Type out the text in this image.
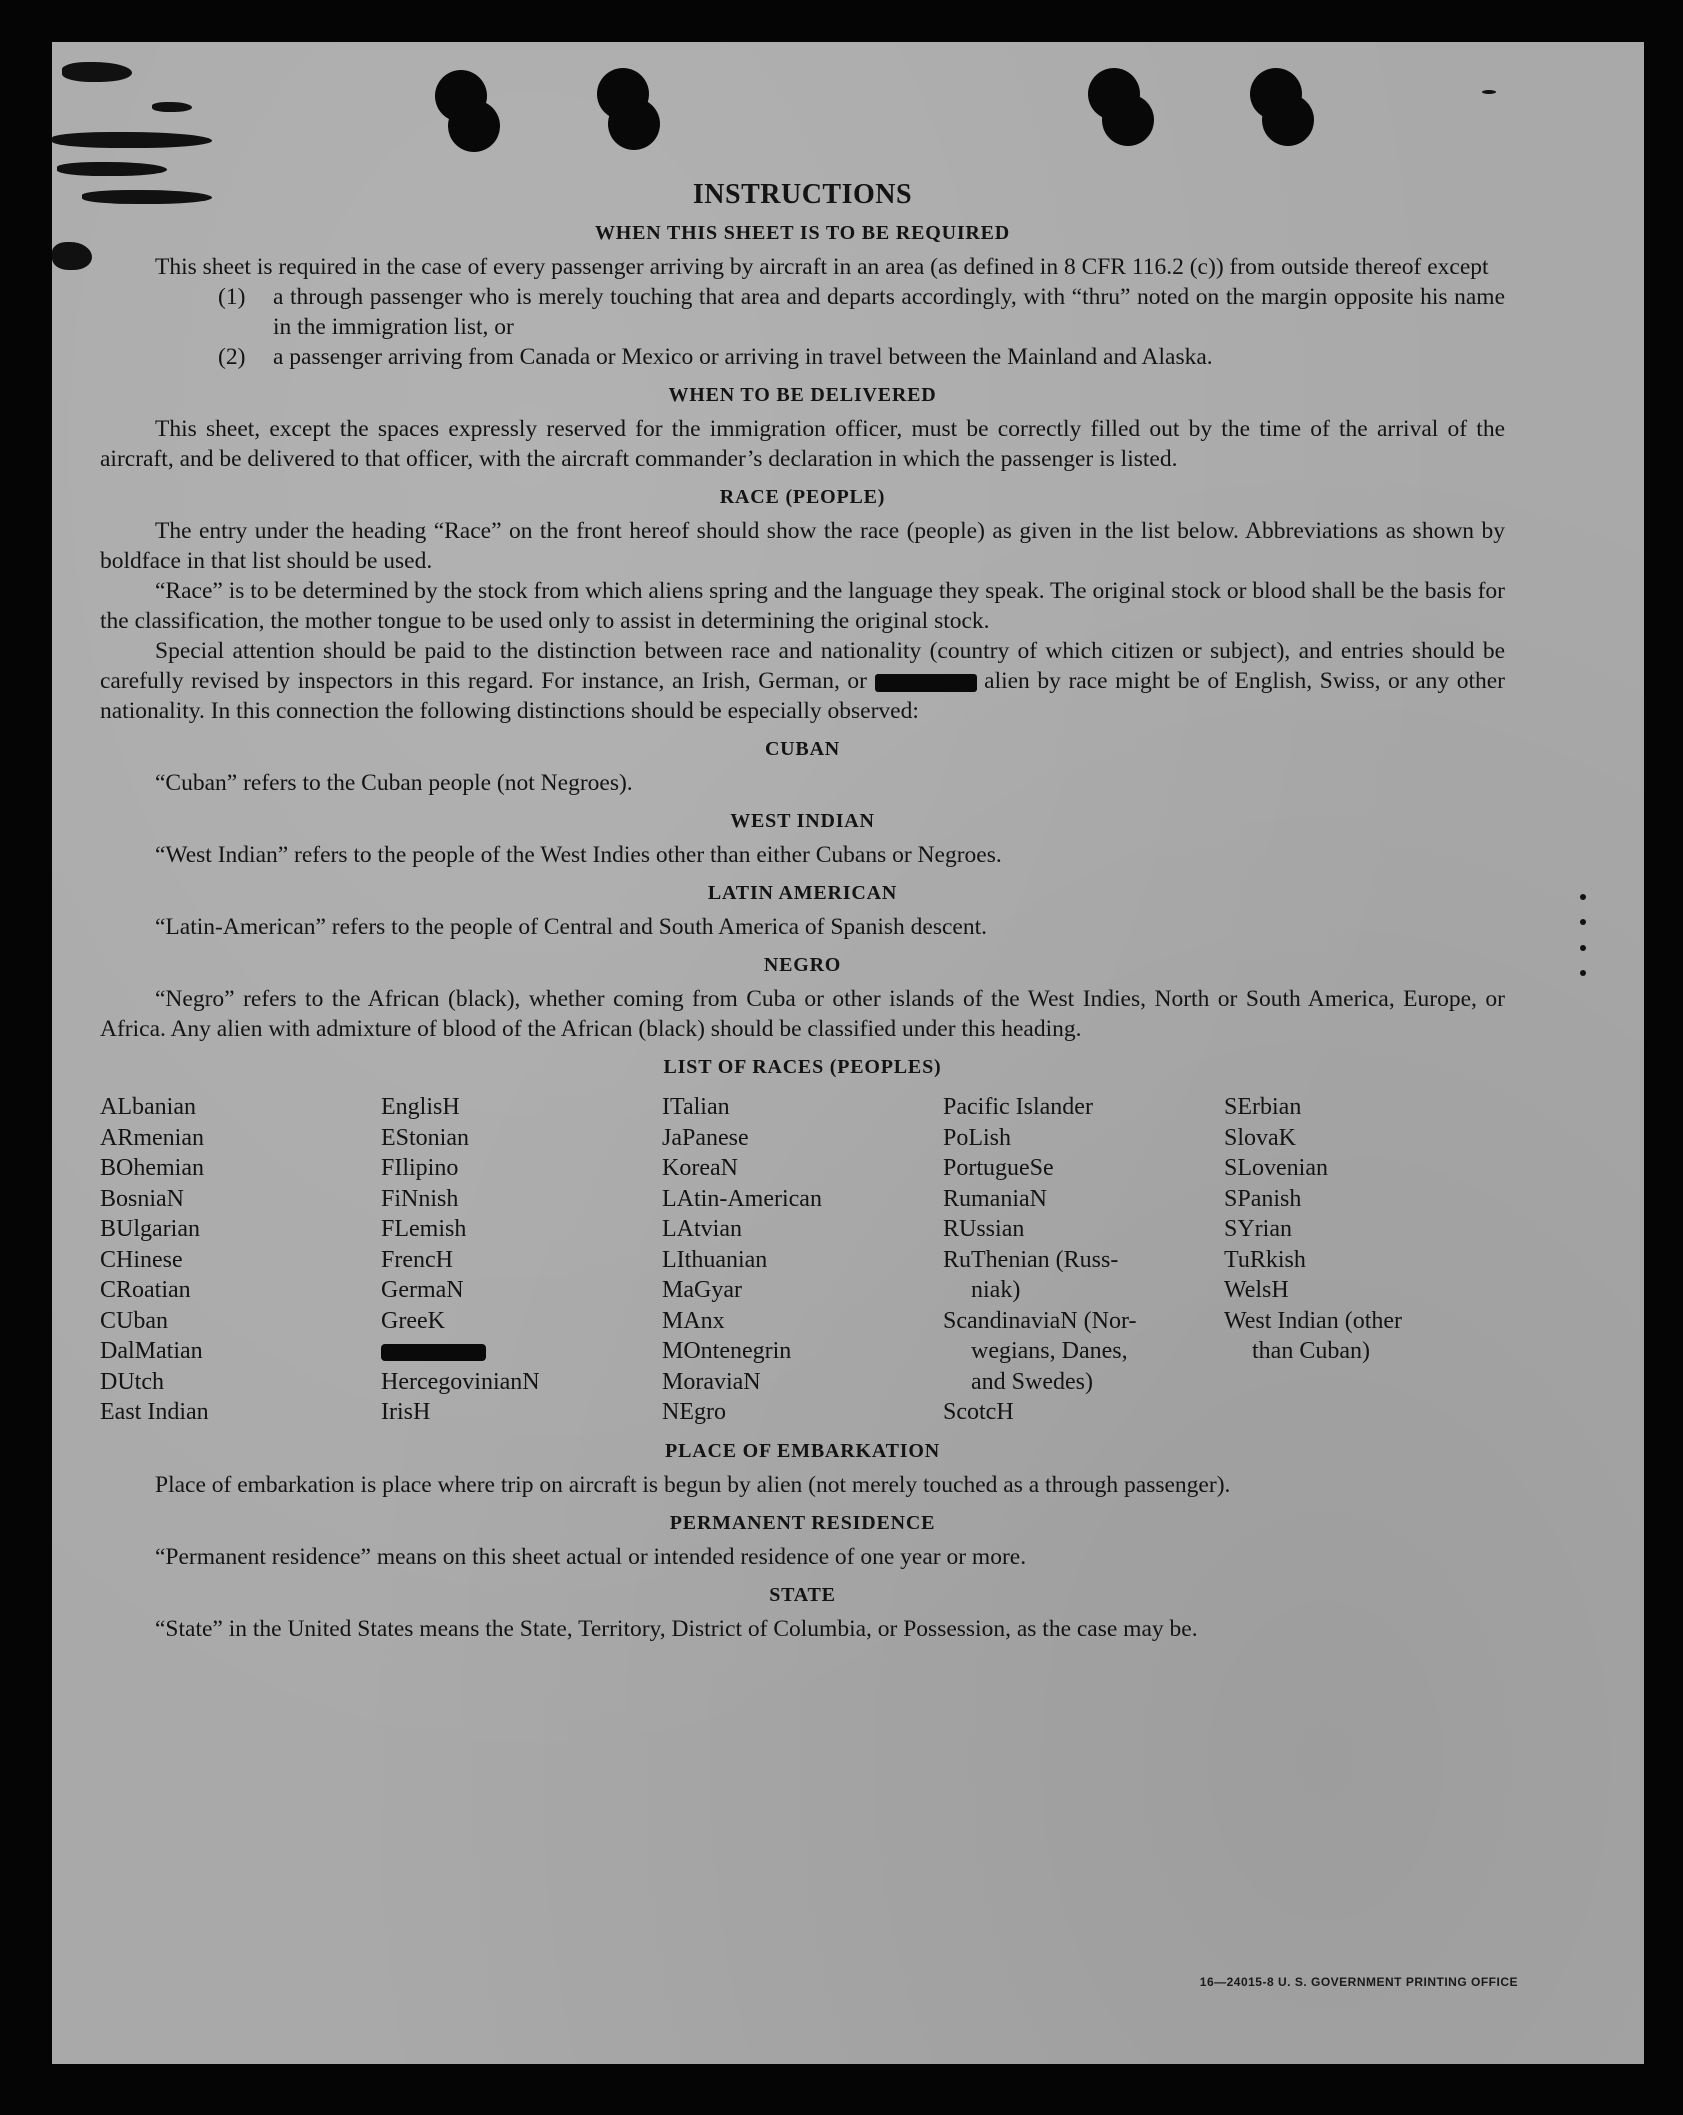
INSTRUCTIONS
WHEN THIS SHEET IS TO BE REQUIRED

This sheet is required in the case of every passenger arriving by aircraft in an area (as defined in 8 CFR 116.2 (c)) from outside thereof except

(1)	a through passenger who is merely touching that area and departs accordingly, with “thru” noted on the margin opposite his name in the immigration list, or
(2)	a passenger arriving from Canada or Mexico or arriving in travel between the Mainland and Alaska.
WHEN TO BE DELIVERED

This sheet, except the spaces expressly reserved for the immigration officer, must be correctly filled out by the time of the arrival of the aircraft, and be delivered to that officer, with the aircraft commander’s declaration in which the passenger is listed.

RACE (PEOPLE)

The entry under the heading “Race” on the front hereof should show the race (people) as given in the list below. Abbreviations as shown by boldface in that list should be used.

“Race” is to be determined by the stock from which aliens spring and the language they speak. The original stock or blood shall be the basis for the classification, the mother tongue to be used only to assist in determining the original stock.

Special attention should be paid to the distinction between race and nationality (country of which citizen or subject), and entries should be carefully revised by inspectors in this regard. For instance, an Irish, German, or	alien by race might be of English, Swiss, or any other nationality. In this connection the following distinctions should be especially observed:

CUBAN

“Cuban” refers to the Cuban people (not Negroes).

WEST INDIAN

“West Indian” refers to the people of the West Indies other than either Cubans or Negroes.

LATIN AMERICAN

“Latin-American” refers to the people of Central and South America of Spanish descent.

NEGRO

“Negro” refers to the African (black), whether coming from Cuba or other islands of the West Indies, North or South America, Europe, or Africa. Any alien with admixture of blood of the African (black) should be classified under this heading.

LIST OF RACES (PEOPLES)
ALbanian
ARmenian
BOhemian
BosniaN
BUlgarian
CHinese
CRoatian
CUban
DalMatian
DUtch
East Indian
EnglisH
EStonian
FIlipino
FiNnish
FLemish
FrencH
GermaN
GreeK
HercegovinianN
IrisH
ITalian
JaPanese
KoreaN
LAtin-American
LAtvian
LIthuanian
MaGyar
MAnx
MOntenegrin
MoraviaN
NEgro
Pacific Islander
PoLish
PortugueSe
RumaniaN
RUssian
RuThenian (Russ-
niak)
ScandinaviaN (Nor-
wegians, Danes,
and Swedes)
ScotcH
SErbian
SlovaK
SLovenian
SPanish
SYrian
TuRkish
WelsH
West Indian (other
than Cuban)
PLACE OF EMBARKATION

Place of embarkation is place where trip on aircraft is begun by alien (not merely touched as a through passenger).

PERMANENT RESIDENCE

“Permanent residence” means on this sheet actual or intended residence of one year or more.

STATE

“State” in the United States means the State, Territory, District of Columbia, or Possession, as the case may be.

16—24015-8 U. S. GOVERNMENT PRINTING OFFICE
